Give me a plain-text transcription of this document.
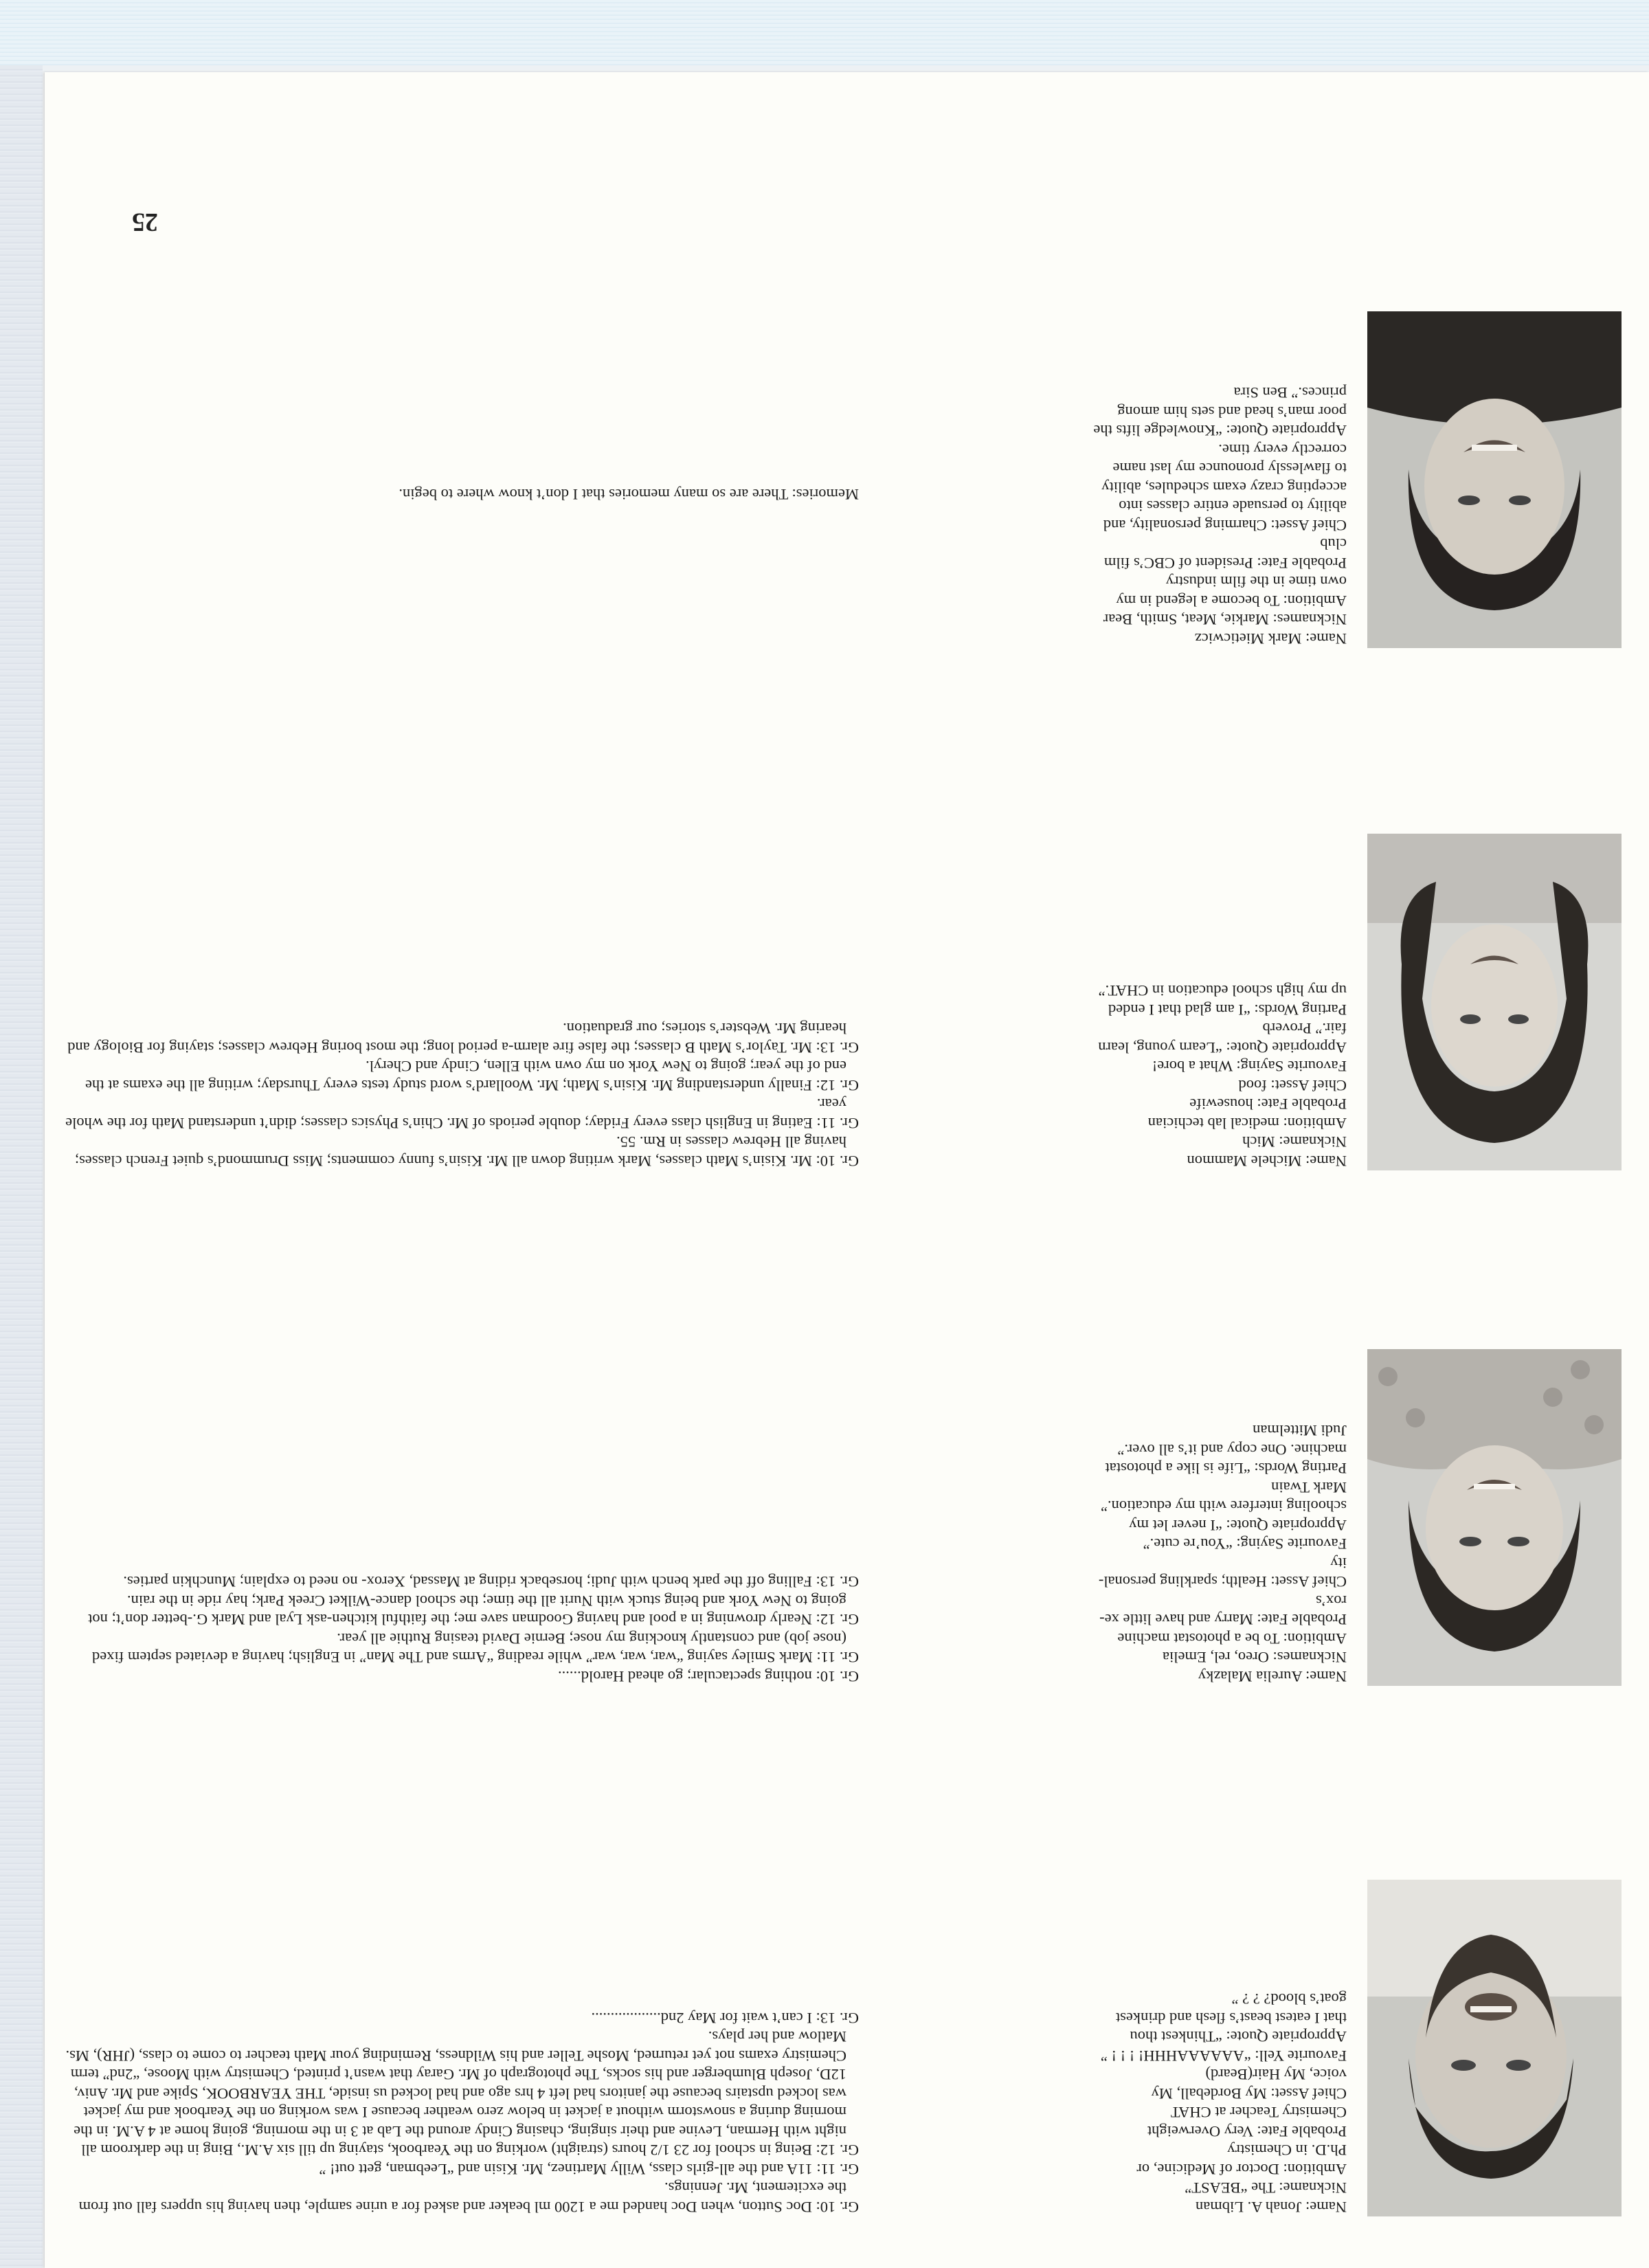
25
Name: Jonah A. Libman
Nickname: The “BEAST”
Ambition: Doctor of Medicine, or
Ph.D. in Chemistry
Probable Fate: Very Overweight
Chemistry Teacher at CHAT
Chief Asset: My Bordeball, My
voice, My Hair(Beard)
Favourite Yell: “AAAAAAHHH! ! ! ! ”
Appropriate Quote: “Thinkest thou
that I eatest beast’s flesh and drinkest
goat’s blood? ? ? ”

Gr. 10: Doc Sutton, when Doc handed me a 1200 ml beaker and asked for a urine sample, then having his uppers fall out from the excitement, Mr. Jennings.

Gr. 11: 11A and the all-girls class, Willy Martinez, Mr. Kisin and “Leebman, gett out! ”

Gr. 12: Being in school for 23 1/2 hours (straight) working on the Yearbook, staying up till six A.M., Bing in the darkroom all night with Herman, Levine and their singing, chasing Cindy around the Lab at 3 in the morning, going home at 4 A.M. in the morning during a snowstorm without a jacket in below zero weather because I was working on the Yearbook and my jacket was locked upstairs because the janitors had left 4 hrs ago and had locked us inside, THE YEARBOOK, Spike and Mr. Aniv, 12D, Joseph Blumberger and his socks, The photograph of Mr. Garay that wasn’t printed, Chemistry with Moose, “2nd” term Chemistry exams not yet returned, Moshe Teller and his Wildness, Reminding your Math teacher to come to class, (JHR), Ms. Matlow and her plays.

Gr. 13: I can’t wait for May 2nd..................

Name: Aurelia Malazky
Nicknames: Oreo, rel, Emelia
Ambition: To be a photostat machine
Probable Fate: Marry and have little xe-
rox’s
Chief Asset: Health; sparkling personal-
ity
Favourite Saying: “You’re cute.”
Appropriate Quote: “I never let my
schooling interfere with my education.”
Mark Twain
Parting Words: “Life is like a photostat
machine. One copy and it’s all over.”
Judi Mittelman

Gr. 10: nothing spectacular; go ahead Harold......

Gr. 11: Mark Smiley saying “war, war, war” while reading “Arms and The Man” in English; having a deviated septem fixed (nose job) and constantly knocking my nose; Bernie David teasing Ruthie all year.

Gr. 12: Nearly drowning in a pool and having Goodman save me; the faithful kitchen-ask Lyal and Mark G.-better don’t; not going to New York and being stuck with Nurit all the time; the school dance-Wilket Creek Park; hay ride in the rain.

Gr. 13: Falling off the park bench with Judi; horseback riding at Massad, Xerox- no need to explain; Munchkin parties.

Name: Michele Mammon
Nickname: Mich
Ambition: medical lab techician
Probable Fate: housewife
Chief Asset: food
Favourite Saying: What a bore!
Appropriate Quote: “Learn young, learn
fair.” Proverb
Parting Words: “I am glad that I ended
up my high school education in CHAT.”

Gr. 10: Mr. Kisin’s Math classes, Mark writing down all Mr. Kisin’s funny comments; Miss Drummond’s quiet French classes; having all Hebrew classes in Rm. 55.

Gr. 11: Eating in English class every Friday; double periods of Mr. Chin’s Physics classes; didn’t understand Math for the whole year.

Gr. 12: Finally understanding Mr. Kisin’s Math; Mr. Woollard’s word study tests every Thursday; writing all the exams at the end of the year; going to New York on my own with Ellen, Cindy and Cheryl.

Gr. 13: Mr. Taylor’s Math B classes; the false fire alarm-a period long; the most boring Hebrew classes; staying for Biology and hearing Mr. Webster’s stories; our graduation.

Name: Mark Mieticwicz
Nicknames: Markie, Meat, Smith, Bear
Ambition: To become a legend in my
own time in the film industry
Probable Fate: President of CBC’s film
club
Chief Asset: Charming personality, and
ability to persuade entire classes into
accepting crazy exam schedules, ability
to flawlessly pronounce my last name
correctly every time.
Appropriate Quote: “Knowledge lifts the
poor man’s head and sets him among
princes.” Ben Sira

Memories: There are so many memories that I don’t know where to begin.
